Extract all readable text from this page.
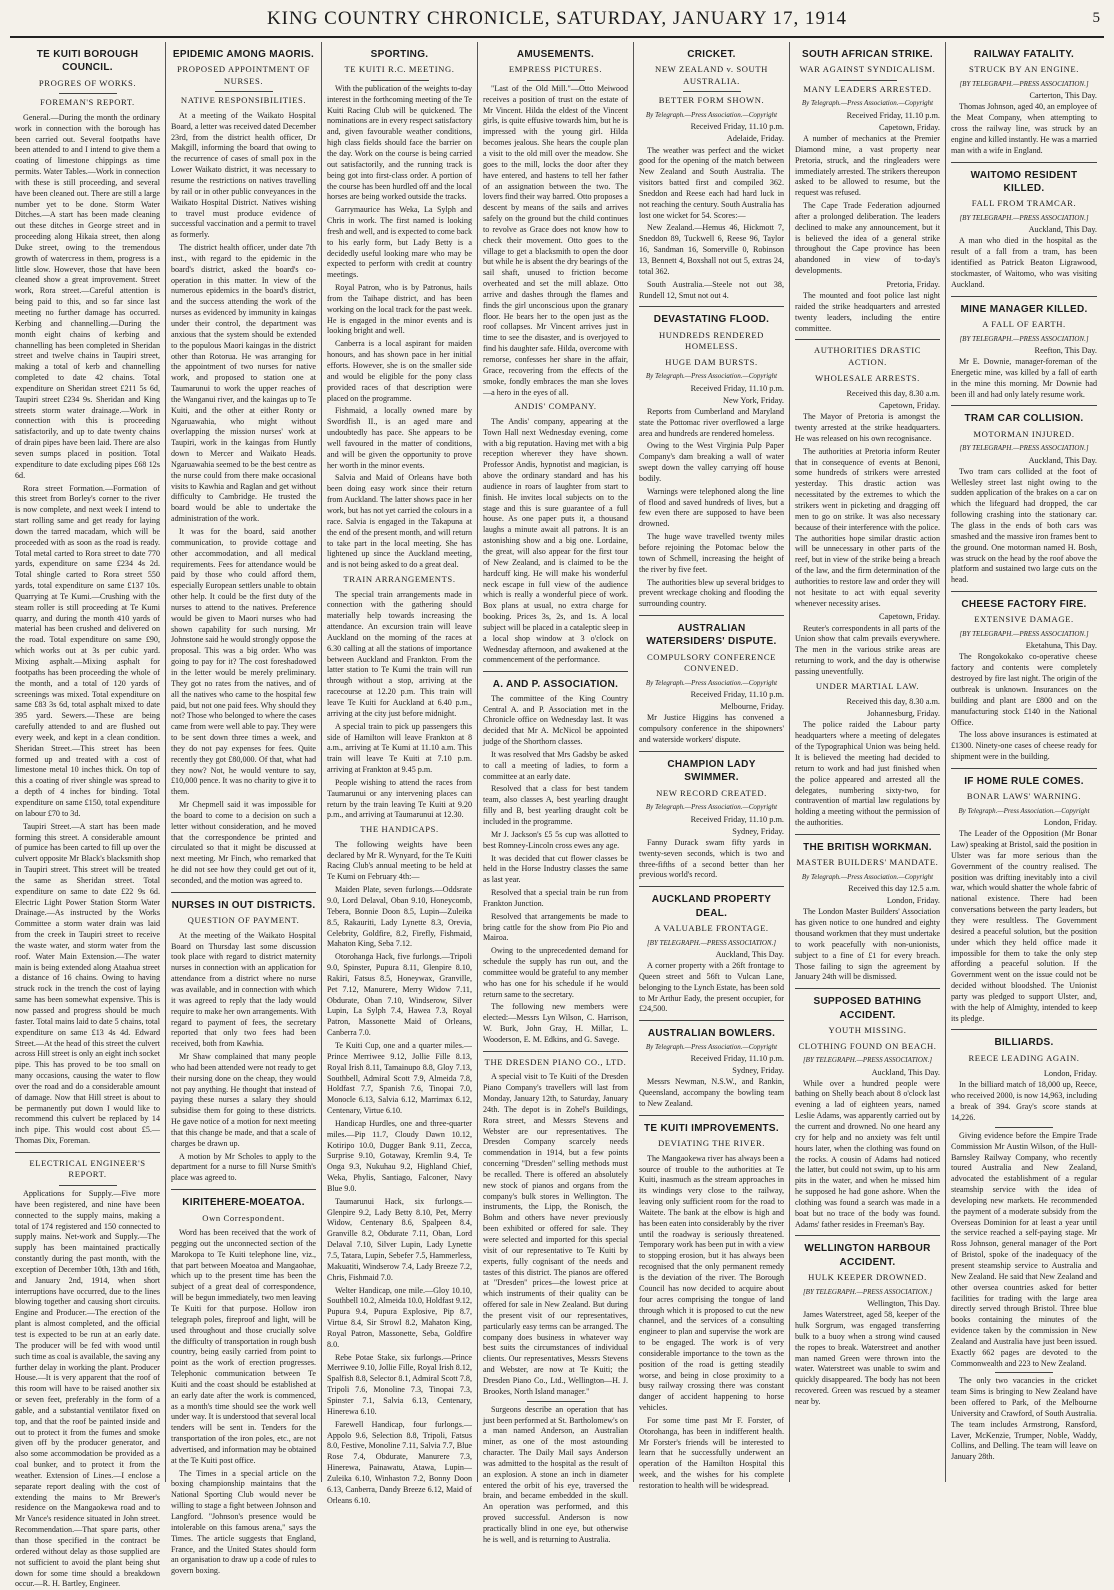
KING COUNTRY CHRONICLE, SATURDAY, JANUARY 17, 1914	5
TE KUITI BOROUGH COUNCIL.
PROGRES OF WORKS.
FOREMAN'S REPORT.

General.—During the month the ordinary work in connection with the borough has been carried out. Several footpaths have been attended to and I intend to give them a coating of limestone chippings as time permits. Water Tables.—Work in connection with these is still proceeding, and several have been cleaned out. There are still a large number yet to be done. Storm Water Ditches.—A start has been made cleaning out these ditches in George street and in proceeding along Hikaia street, then along Duke street, owing to the tremendous growth of watercress in them, progress is a little slow. However, those that have been cleaned show a great improvement. Street work, Rora street.—Careful attention is being paid to this, and so far since last meeting no further damage has occurred. Kerbing and channelling.—During the month eight chains of kerbing and channelling has been completed in Sheridan street and twelve chains in Taupiri street, making a total of kerb and channelling completed to date 42 chains. Total expenditure on Sheridan street £211 5s 6d, Taupiri street £234 9s. Sheridan and King streets storm water drainage.—Work in connection with this is proceeding satisfactorily, and up to date twenty chains of drain pipes have been laid. There are also seven sumps placed in position. Total expenditure to date excluding pipes £68 12s 6d.

Rora street Formation.—Formation of this street from Borley's corner to the river is now complete, and next week I intend to start rolling same and get ready for laying down the tarred macadam, which will be proceeded with as soon as the road is ready. Total metal carted to Rora street to date 770 yards, expenditure on same £234 4s 2d. Total shingle carted to Rora street 550 yards, total expenditure on same £137 10s. Quarrying at Te Kumi.—Crushing with the steam roller is still proceeding at Te Kumi quarry, and during the month 410 yards of material has been crushed and delivered on the road. Total expenditure on same £90, which works out at 3s per cubic yard. Mixing asphalt.—Mixing asphalt for footpaths has been proceeding the whole of the month, and a total of 120 yards of screenings was mixed. Total expenditure on same £83 3s 6d, total asphalt mixed to date 395 yard. Sewers.—These are being carefully attended to and are flushed out every week, and kept in a clean condition. Sheridan Street.—This street has been formed up and treated with a cost of limestone metal 10 inches thick. On top of this a coating of river shingle was spread to a depth of 4 inches for binding. Total expenditure on same £150, total expenditure on labour £70 to 3d.

Taupiri Street.—A start has been made forming this street. A considerable amount of pumice has been carted to fill up over the culvert opposite Mr Black's blacksmith shop in Taupiri street. This street will be treated the same as Sheridan street. Total expenditure on same to date £22 9s 6d. Electric Light Power Station Storm Water Drainage.—As instructed by the Works Committee a storm water drain was laid from the creek in Taupiri street to receive the waste water, and storm water from the roof. Water Main Extension.—The water main is being extended along Ataahua street a distance of 16 chains. Owing to having struck rock in the trench the cost of laying same has been somewhat expensive. This is now passed and progress should be much faster. Total mains laid to date 5 chains, total expenditure on same £13 4s 4d. Edward Street.—At the head of this street the culvert across Hill street is only an eight inch socket pipe. This has proved to be too small on many occasions, causing the water to flow over the road and do a considerable amount of damage. Now that Hill street is about to be permanently put down I would like to recommend this culvert be replaced by 14 inch pipe. This would cost about £5.—Thomas Dix, Foreman.

ELECTRICAL ENGINEER'S REPORT.

Applications for Supply.—Five more have been registered, and nine have been connected to the supply mains, making a total of 174 registered and 150 connected to supply mains. Net-work and Supply.—The supply has been maintained practically constantly during the past month, with the exception of December 10th, 13th and 16th, and January 2nd, 1914, when short interruptions have occurred, due to the lines blowing together and causing short circuits. Engine and Producer.—The erection of the plant is almost completed, and the official test is expected to be run at an early date. The producer will be fed with wood until such time as coal is available, the saving any further delay in working the plant. Producer House.—It is very apparent that the roof of this room will have to be raised another six or seven feet, preferably in the form of a gable, and a substantial ventilator fixed on top, and that the roof be painted inside and out to protect it from the fumes and smoke given off by the producer generator, and also some accommodation be provided as a coal bunker, and to protect it from the weather. Extension of Lines.—I enclose a separate report dealing with the cost of extending the mains to Mr Brewer's residence on the Mangaokewa road and to Mr Vance's residence situated in John street. Recommendation.—That spare parts, other than those specified in the contract be ordered without delay as those supplied are not sufficient to avoid the plant being shut down for some time should a breakdown occur.—R. H. Bartley, Engineer.

EPIDEMIC AMONG MAORIS.
PROPOSED APPOINTMENT OF NURSES.
NATIVE RESPONSIBILITIES.

At a meeting of the Waikato Hospital Board, a letter was received dated December 23rd, from the district health officer, Dr Makgill, informing the board that owing to the recurrence of cases of small pox in the Lower Waikato district, it was necessary to resume the restrictions on natives travelling by rail or in other public conveyances in the Waikato Hospital District. Natives wishing to travel must produce evidence of successful vaccination and a permit to travel as formerly.

The district health officer, under date 7th inst., with regard to the epidemic in the board's district, asked the board's co-operation in this matter. In view of the numerous epidemics in the board's district, and the success attending the work of the nurses as evidenced by immunity in kaingas under their control, the department was anxious that the system should be extended to the populous Maori kaingas in the district other than Rotorua. He was arranging for the appointment of two nurses for native work, and proposed to station one at Taumarunui to work the upper reaches of the Wanganui river, and the kaingas up to Te Kuiti, and the other at either Ronty or Ngaruawahia, who might without overlapping the mission nurses' work at Taupiri, work in the kaingas from Huntly down to Mercer and Waikato Heads. Ngaruawahia seemed to be the best centre as the nurse could from there make occasional visits to Kawhia and Raglan and get without difficulty to Cambridge. He trusted the board would be able to undertake the administration of the work.

It was for the board, said another communication, to provide cottage and other accommodation, and all medical requirements. Fees for attendance would be paid by those who could afford them, especially European settlers unable to obtain other help. It could be the first duty of the nurses to attend to the natives. Preference would be given to Maori nurses who had shown capability for such nursing. Mr Johnstone said he would strongly oppose the proposal. This was a big order. Who was going to pay for it? The cost foreshadowed in the letter would be merely preliminary. They got no rates from the natives, and of all the natives who came to the hospital few paid, but not one paid fees. Why should they not? Those who belonged to where the cases came from were well able to pay. They were to be sent down three times a week, and they do not pay expenses for fees. Quite recently they got £80,000. Of that, what had they now? Not, he would venture to say, £10,000 pence. It was no charity to give it to them.

Mr Chepmell said it was impossible for the board to come to a decision on such a letter without consideration, and he moved that the correspondence be printed and circulated so that it might be discussed at next meeting. Mr Finch, who remarked that he did not see how they could get out of it, seconded, and the motion was agreed to.

NURSES IN OUT DISTRICTS.
QUESTION OF PAYMENT.

At the meeting of the Waikato Hospital Board on Thursday last some discussion took place with regard to district maternity nurses in connection with an application for attendance from a district where no nurse was available, and in connection with which it was agreed to reply that the lady would require to make her own arrangements. With regard to payment of fees, the secretary reported that only two fees had been received, both from Kawhia.

Mr Shaw complained that many people who had been attended were not ready to get their nursing done on the cheap, they would not pay anything. He thought that instead of paying these nurses a salary they should subsidise them for going to these districts. He gave notice of a motion for next meeting that this change be made, and that a scale of charges be drawn up.

A motion by Mr Scholes to apply to the department for a nurse to fill Nurse Smith's place was agreed to.

KIRITEHERE-MOEATOA.
Own Correspondent.

Word has been received that the work of pegging out the unconnected section of the Marokopa to Te Kuiti telephone line, viz., that part between Moeatoa and Mangaohae, which up to the present time has been the subject of a great deal of correspondence, will be begun immediately, two men leaving Te Kuiti for that purpose. Hollow iron telegraph poles, fireproof and light, will be used throughout and those crucially solve the difficulty of transportation in rough bush country, being easily carried from point to point as the work of erection progresses. Telephonic communication between Te Kuiti and the coast should be established at an early date after the work is commenced, as a month's time should see the work well under way. It is understood that several local tenders will be sent in. Tenders for the transportation of the iron poles, etc., are not advertised, and information may be obtained at the Te Kuiti post office.

The Times in a special article on the boxing championship maintains that the National Sporting Club would never be willing to stage a fight between Johnson and Langford. "Johnson's presence would be intolerable on this famous arena," says the Times. The article suggests that England, France, and the United States should form an organisation to draw up a code of rules to govern boxing.

SPORTING.
TE KUITI R.C. MEETING.

With the publication of the weights to-day interest in the forthcoming meeting of the Te Kuiti Racing Club will be quickened. The nominations are in every respect satisfactory and, given favourable weather conditions, high class fields should face the barrier on the day. Work on the course is being carried out satisfactorily, and the running track is being got into first-class order. A portion of the course has been hurdled off and the local horses are being worked outside the tracks.

Garrymaurice has Weka, La Sylph and Chris in work. The first named is looking fresh and well, and is expected to come back to his early form, but Lady Betty is a decidedly useful looking mare who may be expected to perform with credit at country meetings.

Royal Patron, who is by Patronus, hails from the Taihape district, and has been working on the local track for the past week. He is engaged in the minor events and is looking bright and well.

Canberra is a local aspirant for maiden honours, and has shown pace in her initial efforts. However, she is on the smaller side and would be eligible for the pony class provided races of that description were placed on the programme.

Fishmaid, a locally owned mare by Swordfish II., is an aged mare and undoubtedly has pace. She appears to be well favoured in the matter of conditions, and will be given the opportunity to prove her worth in the minor events.

Salvia and Maid of Orleans have both been doing easy work since their return from Auckland. The latter shows pace in her work, but has not yet carried the colours in a race. Salvia is engaged in the Takapuna at the end of the present month, and will return to take part in the local meeting. She has lightened up since the Auckland meeting, and is not being asked to do a great deal.

TRAIN ARRANGEMENTS.

The special train arrangements made in connection with the gathering should materially help towards increasing the attendance. An excursion train will leave Auckland on the morning of the races at 6.30 calling at all the stations of importance between Auckland and Frankton. From the latter station to Te Kumi the train will run through without a stop, arriving at the racecourse at 12.20 p.m. This train will leave Te Kuiti for Auckland at 6.40 p.m., arriving at the city just before midnight.

A special train to pick up passengers this side of Hamilton will leave Frankton at 8 a.m., arriving at Te Kumi at 11.10 a.m. This train will leave Te Kuiti at 7.10 p.m. arriving at Frankton at 9.45 p.m.

People wishing to attend the races from Taumarunui or any intervening places can return by the train leaving Te Kuiti at 9.20 p.m., and arriving at Taumarunui at 12.30.

THE HANDICAPS.

The following weights have been declared by Mr R. Wynyard, for the Te Kuiti Racing Club's annual meeting to be held at Te Kumi on February 4th:—

Maiden Plate, seven furlongs.—Oddsrate 9.0, Lord Delaval, Oban 9.10, Honeycomb, Tebera, Bonnie Doon 8.5, Lupin—Zuleika 8.5, Rakauriti, Lady Lynette 8.3, Orevia, Celebrity, Goldfire, 8.2, Firefly, Fishmaid, Mahaton King, Seba 7.12.

Otorohanga Hack, five furlongs.—Tripoli 9.0, Spinster, Pupura 8.11, Glenpire 8.10, Rakiri, Fatsus 8.5, Honeywax, Granville, Pet 7.12, Manurere, Merry Widow 7.11, Obdurate, Oban 7.10, Windserow, Silver Lupin, La Sylph 7.4, Hawea 7.3, Royal Patron, Massonette Maid of Orleans, Canberra 7.0.

Te Kuiti Cup, one and a quarter miles.—Prince Merriwee 9.12, Jollie Fille 8.13, Royal Irish 8.11, Tamainupo 8.8, Gloy 7.13, Southbell, Admiral Scott 7.9, Almeida 7.8, Holdfast 7.7, Spanish 7.6, Tinopai 7.0, Monocle 6.13, Salvia 6.12, Marrimax 6.12, Centenary, Virtue 6.10.

Handicap Hurdles, one and three-quarter miles.—Pip 11.7, Cloudy Dawn 10.12, Kotiripo 10.0, Dugger Bank 9.11, Zecca, Surprise 9.10, Gotaway, Kremlin 9.4, Te Onga 9.3, Nukuhau 9.2, Highland Chief, Weka, Phylis, Santiago, Falconer, Navy Blue 9.0.

Taumarunui Hack, six furlongs.—Glenpire 9.2, Lady Betty 8.10, Pet, Merry Widow, Centenary 8.6, Spalpeen 8.4, Granville 8.2, Obdurate 7.11, Oban, Lord Delaval 7.10, Silver Lupin, Lady Lynette 7.5, Tatara, Lupin, Sebefer 7.5, Hammerless, Makuatiti, Windserow 7.4, Lady Breeze 7.2, Chris, Fishmaid 7.0.

Welter Handicap, one mile.—Gloy 10.10, Southbell 10.2, Almeida 10.0, Holdfast 9.12, Pupura 9.4, Pupura Explosive, Pip 8.7, Virtue 8.4, Sir Strowl 8.2, Mahaton King, Royal Patron, Massonette, Seba, Goldfire 8.0.

Rebe Potae Stake, six furlongs.—Prince Merriwee 9.10, Jollie Fille, Royal Irish 8.12, Spalfish 8.8, Selector 8.1, Admiral Scott 7.8, Tripoli 7.6, Monoline 7.3, Tinopai 7.3, Spinster 7.1, Salvia 6.13, Centenary, Hinerewa 6.10.

Farewell Handicap, four furlongs.—Appolo 9.6, Selection 8.8, Tripoli, Fatsus 8.0, Festive, Monoline 7.11, Salvia 7.7, Blue Rose 7.4, Obdurate, Manurere 7.3, Hinerewa, Painawatu, Atawa, Lupin—Zuleika 6.10, Winhaston 7.2, Bonny Doon 6.13, Canberra, Dandy Breeze 6.12, Maid of Orleans 6.10.

AMUSEMENTS.
EMPRESS PICTURES.

"Last of the Old Mill."—Otto Meiwood receives a position of trust on the estate of Mr Vincent. Hilda the eldest of the Vincent girls, is quite effusive towards him, but he is impressed with the young girl. Hilda becomes jealous. She hears the couple plan a visit to the old mill over the meadow. She goes to the mill, locks the door after they have entered, and hastens to tell her father of an assignation between the two. The lovers find their way barred. Otto proposes a descent by means of the sails and arrives safely on the ground but the child continues to revolve as Grace does not know how to check their movement. Otto goes to the village to get a blacksmith to open the door but while he is absent the dry bearings of the sail shaft, unused to friction become overheated and set the mill ablaze. Otto arrive and dashes through the flames and finds the girl unconscious upon the granary floor. He bears her to the open just as the roof collapses. Mr Vincent arrives just in time to see the disaster, and is overjoyed to find his daughter safe. Hilda, overcome with remorse, confesses her share in the affair, Grace, recovering from the effects of the smoke, fondly embraces the man she loves—a hero in the eyes of all.

ANDIS' COMPANY.

The Andis' company, appearing at the Town Hall next Wednesday evening, come with a big reputation. Having met with a big reception wherever they have shown. Professor Andis, hypnotist and magician, is above the ordinary standard and has his audience in roars of laughter from start to finish. He invites local subjects on to the stage and this is sure guarantee of a full house. As one paper puts it, a thousand laughs a minute await all patrons. It is an astonishing show and a big one. Lordaine, the great, will also appear for the first tour of New Zealand, and is claimed to be the hardcuff king. He will make his wonderful neck escape in full view of the audience which is really a wonderful piece of work. Box plans at usual, no extra charge for booking. Prices 3s, 2s, and 1s. A local subject will be placed in a cataleptic sleep in a local shop window at 3 o'clock on Wednesday afternoon, and awakened at the commencement of the performance.

A. AND P. ASSOCIATION.

The committee of the King Country Central A. and P. Association met in the Chronicle office on Wednesday last. It was decided that Mr A. McNicol be appointed judge of the Shorthorn classes.

It was resolved that Mrs Gadsby be asked to call a meeting of ladies, to form a committee at an early date.

Resolved that a class for best tandem team, also classes A, best yearling draught filly and B, best yearling draught colt be included in the programme.

Mr J. Jackson's £5 5s cup was allotted to best Romney-Lincoln cross ewes any age.

It was decided that cut flower classes be held in the Horse Industry classes the same as last year.

Resolved that a special train be run from Frankton Junction.

Resolved that arrangements be made to bring cattle for the show from Pio Pio and Mairoa.

Owing to the unprecedented demand for schedule the supply has run out, and the committee would be grateful to any member who has one for his schedule if he would return same to the secretary.

The following new members were elected:—Messrs Lyn Wilson, C. Harrison, W. Burk, John Gray, H. Millar, L. Wooderson, E. M. Edkins, and G. Savege.

THE DRESDEN PIANO CO., LTD.

A special visit to Te Kuiti of the Dresden Piano Company's travellers will last from Monday, January 12th, to Saturday, January 24th. The depot is in Zohel's Buildings, Rora street, and Messrs Stevens and Webster are our representatives. The Dresden Company scarcely needs commendation in 1914, but a few points concerning "Dresden" selling methods must be recalled. There is offered an absolutely new stock of pianos and organs from the company's bulk stores in Wellington. The instruments, the Lipp, the Ronisch, the Bohm and others have never previously been exhibited or offered for sale. They were selected and imported for this special visit of our representative to Te Kuiti by experts, fully cognisant of the needs and tastes of this district. The pianos are offered at "Dresden" prices—the lowest price at which instruments of their quality can be offered for sale in New Zealand. But during the present visit of our representatives, particularly easy terms can be arranged. The company does business in whatever way best suits the circumstances of individual clients. Our representatives, Messrs Stevens and Webster, are now at Te Kuiti; the Dresden Piano Co., Ltd., Wellington—H. J. Brookes, North Island manager."

Surgeons describe an operation that has just been performed at St. Bartholomew's on a man named Anderson, an Australian miner, as one of the most astounding character. The Daily Mail says Anderson was admitted to the hospital as the result of an explosion. A stone an inch in diameter entered the orbit of his eye, traversed the brain, and became embedded in the skull. An operation was performed, and this proved successful. Anderson is now practically blind in one eye, but otherwise he is well, and is returning to Australia.

CRICKET.
NEW ZEALAND v. SOUTH AUSTRALIA.
BETTER FORM SHOWN.
By Telegraph.—Press Association.—Copyright
Received Friday, 11.10 p.m.
Adelaide, Friday.

The weather was perfect and the wicket good for the opening of the match between New Zealand and South Australia. The visitors batted first and compiled 362. Sneddon and Reese each had hard luck in not reaching the century. South Australia has lost one wicket for 54. Scores:—

New Zealand.—Hemus 46, Hickmott 7, Sneddon 89, Tuckwell 6, Reese 96, Taylor 16, Sandman 16, Somerville 0, Robinson 13, Bennett 4, Boxshall not out 5, extras 24, total 362.

South Australia.—Steele not out 38, Rundell 12, Smut not out 4.

DEVASTATING FLOOD.
HUNDREDS RENDERED HOMELESS.
HUGE DAM BURSTS.
By Telegraph.—Press Association.—Copyright
Received Friday, 11.10 p.m.
New York, Friday.

Reports from Cumberland and Maryland state the Pottomac river overflowed a large area and hundreds are rendered homeless.

Owing to the West Virginia Pulp Paper Company's dam breaking a wall of water swept down the valley carrying off house bodily.

Warnings were telephoned along the line of flood and saved hundreds of lives, but a few even there are supposed to have been drowned.

The huge wave travelled twenty miles before rejoining the Potomac below the town of Schmell, increasing the height of the river by five feet.

The authorities blew up several bridges to prevent wreckage choking and flooding the surrounding country.

AUSTRALIAN WATERSIDERS' DISPUTE.
COMPULSORY CONFERENCE CONVENED.
By Telegraph.—Press Association.—Copyright
Received Friday, 11.10 p.m.
Melbourne, Friday.

Mr Justice Higgins has convened a compulsory conference in the shipowners' and waterside workers' dispute.

CHAMPION LADY SWIMMER.
NEW RECORD CREATED.
By Telegraph.—Press Association.—Copyright
Received Friday, 11.10 p.m.
Sydney, Friday.

Fanny Durack swam fifty yards in twenty-seven seconds, which is two and three-fifths of a second better than her previous world's record.

AUCKLAND PROPERTY DEAL.
A VALUABLE FRONTAGE.
[BY TELEGRAPH.—PRESS ASSOCIATION.]
Auckland, This Day.

A corner property with a 26ft frontage to Queen street and 56ft to Vulcan Lane, belonging to the Lynch Estate, has been sold to Mr Arthur Eady, the present occupier, for £24,500.

AUSTRALIAN BOWLERS.
By Telegraph.—Press Association.—Copyright
Received Friday, 11.10 p.m.
Sydney, Friday.

Messrs Newman, N.S.W., and Rankin, Queensland, accompany the bowling team to New Zealand.

TE KUITI IMPROVEMENTS.
DEVIATING THE RIVER.

The Mangaokewa river has always been a source of trouble to the authorities at Te Kuiti, inasmuch as the stream approaches in its windings very close to the railway, leaving only sufficient room for the road to Waitete. The bank at the elbow is high and has been eaten into considerably by the river until the roadway is seriously threatened. Temporary work has been put in with a view to stopping erosion, but it has always been recognised that the only permanent remedy is the deviation of the river. The Borough Council has now decided to acquire about four acres comprising the tongue of land through which it is proposed to cut the new channel, and the services of a consulting engineer to plan and supervise the work are to be engaged. The work is of very considerable importance to the town as the position of the road is getting steadily worse, and being in close proximity to a busy railway crossing there was constant danger of accident happening to horse vehicles.

For some time past Mr F. Forster, of Otorohanga, has been in indifferent health. Mr Forster's friends will be interested to learn that he successfully underwent an operation of the Hamilton Hospital this week, and the wishes for his complete restoration to health will be widespread.

SOUTH AFRICAN STRIKE.
WAR AGAINST SYNDICALISM.
MANY LEADERS ARRESTED.
By Telegraph.—Press Association.—Copyright
Received Friday, 11.10 p.m.
Capetown, Friday.

A number of mechanics at the Premier Diamond mine, a vast property near Pretoria, struck, and the ringleaders were immediately arrested. The strikers thereupon asked to be allowed to resume, but the request was refused.

The Cape Trade Federation adjourned after a prolonged deliberation. The leaders declined to make any announcement, but it is believed the idea of a general strike throughout the Cape province has been abandoned in view of to-day's developments.

Pretoria, Friday.

The mounted and foot police last night raided the strike headquarters and arrested twenty leaders, including the entire committee.

AUTHORITIES DRASTIC ACTION.
WHOLESALE ARRESTS.
Received this day, 8.30 a.m.
Capetown, Friday.

The Mayor of Pretoria is amongst the twenty arrested at the strike headquarters. He was released on his own recognisance.

The authorities at Pretoria inform Reuter that in consequence of events at Benoni, some hundreds of strikers were arrested yesterday. This drastic action was necessitated by the extremes to which the strikers went in picketing and dragging off men to go on strike. It was also necessary because of their interference with the police. The authorities hope similar drastic action will be unnecessary in other parts of the reef, but in view of the strike being a breach of the law, and the firm determination of the authorities to restore law and order they will not hesitate to act with equal severity whenever necessity arises.

Capetown, Friday.

Reuter's correspondents in all parts of the Union show that calm prevails everywhere. The men in the various strike areas are returning to work, and the day is otherwise passing uneventfully.

UNDER MARTIAL LAW.
Received this day, 8.30 a.m.
Johannesburg, Friday.

The police raided the Labour party headquarters where a meeting of delegates of the Typographical Union was being held. It is believed the meeting had decided to return to work and had just finished when the police appeared and arrested all the delegates, numbering sixty-two, for contravention of martial law regulations by holding a meeting without the permission of the authorities.

THE BRITISH WORKMAN.
MASTER BUILDERS' MANDATE.
By Telegraph.—Press Association.—Copyright
Received this day 12.5 a.m.
London, Friday.

The London Master Builders' Association has given notice to one hundred and eighty thousand workmen that they must undertake to work peacefully with non-unionists, subject to a fine of £1 for every breach. Those failing to sign the agreement by January 24th will be dismissed.

SUPPOSED BATHING ACCIDENT.
YOUTH MISSING.
CLOTHING FOUND ON BEACH.
[BY TELEGRAPH.—PRESS ASSOCIATION.]
Auckland, This Day.

While over a hundred people were bathing on Shelly beach about 8 o'clock last evening a lad of eighteen years, named Leslie Adams, was apparently carried out by the current and drowned. No one heard any cry for help and no anxiety was felt until hours later, when the clothing was found on the rocks. A cousin of Adams had noticed the latter, but could not swim, up to his arm pits in the water, and when he missed him he supposed he had gone ashore. When the clothing was found a search was made in a boat but no trace of the body was found. Adams' father resides in Freeman's Bay.

WELLINGTON HARBOUR ACCIDENT.
HULK KEEPER DROWNED.
[BY TELEGRAPH.—PRESS ASSOCIATION.]
Wellington, This Day.

James Waterstreet, aged 58, keeper of the hulk Sorgrum, was engaged transferring bulk to a buoy when a strong wind caused the ropes to break. Waterstreet and another man named Green were thrown into the water. Waterstreet was unable to swim and quickly disappeared. The body has not been recovered. Green was rescued by a steamer near by.

RAILWAY FATALITY.
STRUCK BY AN ENGINE.
[BY TELEGRAPH.—PRESS ASSOCIATION.]
Carterton, This Day.

Thomas Johnson, aged 40, an employee of the Meat Company, when attempting to cross the railway line, was struck by an engine and killed instantly. He was a married man with a wife in England.

WAITOMO RESIDENT KILLED.
FALL FROM TRAMCAR.
[BY TELEGRAPH.—PRESS ASSOCIATION.]
Auckland, This Day.

A man who died in the hospital as the result of a fall from a tram, has been identified as Patrick Beaton Ligrawood, stockmaster, of Waitomo, who was visiting Auckland.

MINE MANAGER KILLED.
A FALL OF EARTH.
[BY TELEGRAPH.—PRESS ASSOCIATION.]
Reefton, This Day.

Mr E. Downie, manager-foreman of the Energetic mine, was killed by a fall of earth in the mine this morning. Mr Downie had been ill and had only lately resume work.

TRAM CAR COLLISION.
MOTORMAN INJURED.
[BY TELEGRAPH.—PRESS ASSOCIATION.]
Auckland, This Day.

Two tram cars collided at the foot of Wellesley street last night owing to the sudden application of the brakes on a car on which the lifeguard had dropped, the car following crashing into the stationary car. The glass in the ends of both cars was smashed and the massive iron frames bent to the ground. One motorman named H. Bosh, was struck on the head by the roof above the platform and sustained two large cuts on the head.

CHEESE FACTORY FIRE.
EXTENSIVE DAMAGE.
[BY TELEGRAPH.—PRESS ASSOCIATION.]
Eketahuna, This Day.

The Rongokokako co-operative cheese factory and contents were completely destroyed by fire last night. The origin of the outbreak is unknown. Insurances on the building and plant are £800 and on the manufacturing stock £140 in the National Office.

The loss above insurances is estimated at £1300. Ninety-one cases of cheese ready for shipment were in the building.

IF HOME RULE COMES.
BONAR LAWS' WARNING.
By Telegraph.—Press Association.—Copyright
London, Friday.

The Leader of the Opposition (Mr Bonar Law) speaking at Bristol, said the position in Ulster was far more serious than the Government of the country realised. The position was drifting inevitably into a civil war, which would shatter the whole fabric of national existence. There had been conversations between the party leaders, but they were resultless. The Government desired a peaceful solution, but the position under which they held office made it impossible for them to take the only step affording a peaceful solution. If the Government went on the issue could not be decided without bloodshed. The Unionist party was pledged to support Ulster, and, with the help of Almighty, intended to keep its pledge.

BILLIARDS.
REECE LEADING AGAIN.
London, Friday.

In the billiard match of 18,000 up, Reece, who received 2000, is now 14,963, including a break of 394. Gray's score stands at 14,226.

Giving evidence before the Empire Trade Commission Mr Austin Wilson, of the Hull-Barnsley Railway Company, who recently toured Australia and New Zealand, advocated the establishment of a regular steamship service with the idea of developing new markets. He recommended the payment of a moderate subsidy from the Overseas Dominion for at least a year until the service reached a self-paying stage. Mr Ross Johnson, general manager of the Port of Bristol, spoke of the inadequacy of the present steamship service to Australia and New Zealand. He said that New Zealand and other oversea countries asked for better facilities for trading with the large area directly served through Bristol. Three blue books containing the minutes of the evidence taken by the commission in New Zealand and Australia have just been issued. Exactly 662 pages are devoted to the Commonwealth and 223 to New Zealand.

The only two vacancies in the cricket team Sims is bringing to New Zealand have been offered to Park, of the Melbourne University and Crawford, of South Australia. The team includes Armstrong, Ransford, Laver, McKenzie, Trumper, Noble, Waddy, Collins, and Delling. The team will leave on January 28th.
